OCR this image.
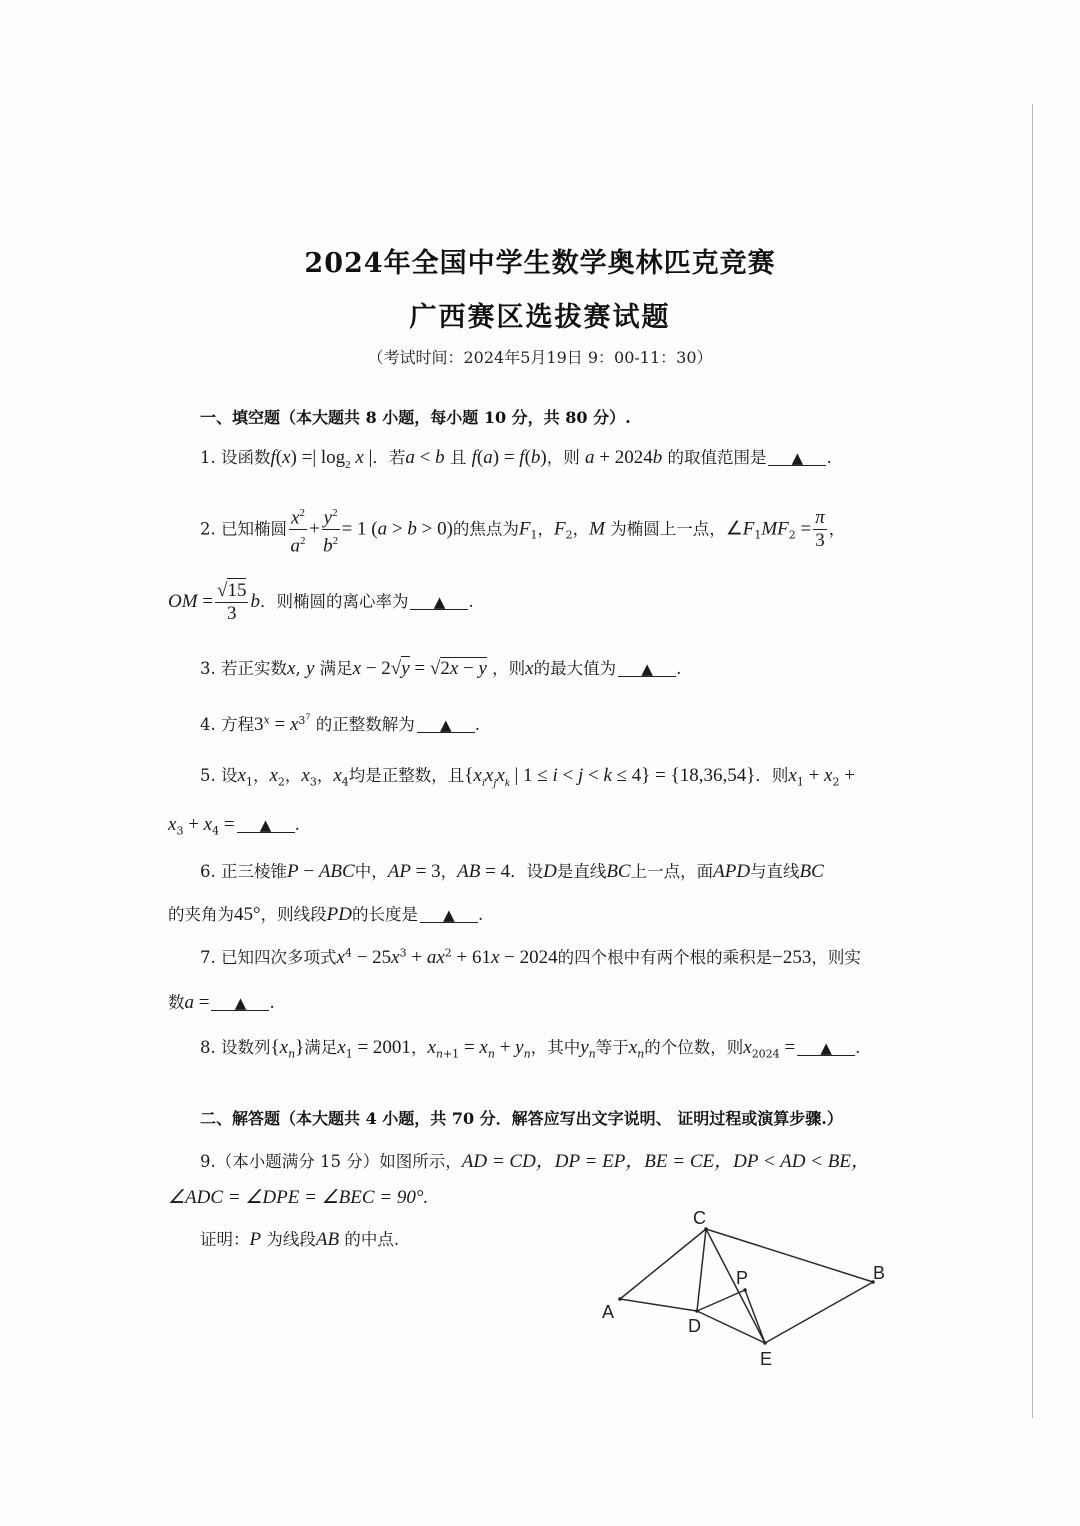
2024年全国中学生数学奥林匹克竞赛
广西赛区选拔赛试题
（考试时间：2024年5月19日 9：00-11：30）
一、填空题（本大题共 8 小题，每小题 10 分，共 80 分）.
1. 设函数f(x) =| $\log_2 x$ |．若a < b 且 f(a) = f(b)，则 a + 2024b 的取值范围是 ▲ .
2. 已知椭圆 $\frac{x^2}{a^2} + \frac{y^2}{b^2} = 1$ (a > b > 0)的焦点为$F_1$，$F_2$，M 为椭圆上一点，$\angle F_1MF_2 = \frac{\pi}{3}$ ，
OM = $\frac{√15}{3}$ b．则椭圆的离心率为 ▲ .
3. 若正实数x, y 满足x − 2√y = √2x − y ，则x的最大值为 ▲ .
4. 方程$3^x = x^{3^7}$ 的正整数解为 ▲ .
5. 设$x_1$，$x_2$，$x_3$，$x_4$均是正整数，且{$x_ix_jx_k$ | 1 ≤ i < j < k ≤ 4} = {18,36,54}．则$x_1 + x_2$ +
$x_3 + x_4$ = ▲ .
6. 正三棱锥P − ABC中，AP = 3，AB = 4．设D是直线BC上一点，面APD与直线BC
的夹角为45°，则线段PD的长度是 ▲ .
7. 已知四次多项式$x^4 - 25x^3 + ax^2 + 61x - 2024$的四个根中有两个根的乘积是−253，则实
数a = ▲ .
8. 设数列$\{x_n\}$满足$x_1 = 2001$，$x_{n+1} = x_n + y_n$，其中$y_n$等于$x_n$的个位数，则$x_{2024}$ = ▲ .
二、解答题（本大题共 4 小题，共 70 分．解答应写出文字说明、 证明过程或演算步骤.）
9.（本小题满分 15 分）如图所示，AD = CD，DP = EP，BE = CE，DP < AD < BE，
∠ADC = ∠DPE = ∠BEC = 90°.
证明：P 为线段AB 的中点.
C
A
D
P	B
E
